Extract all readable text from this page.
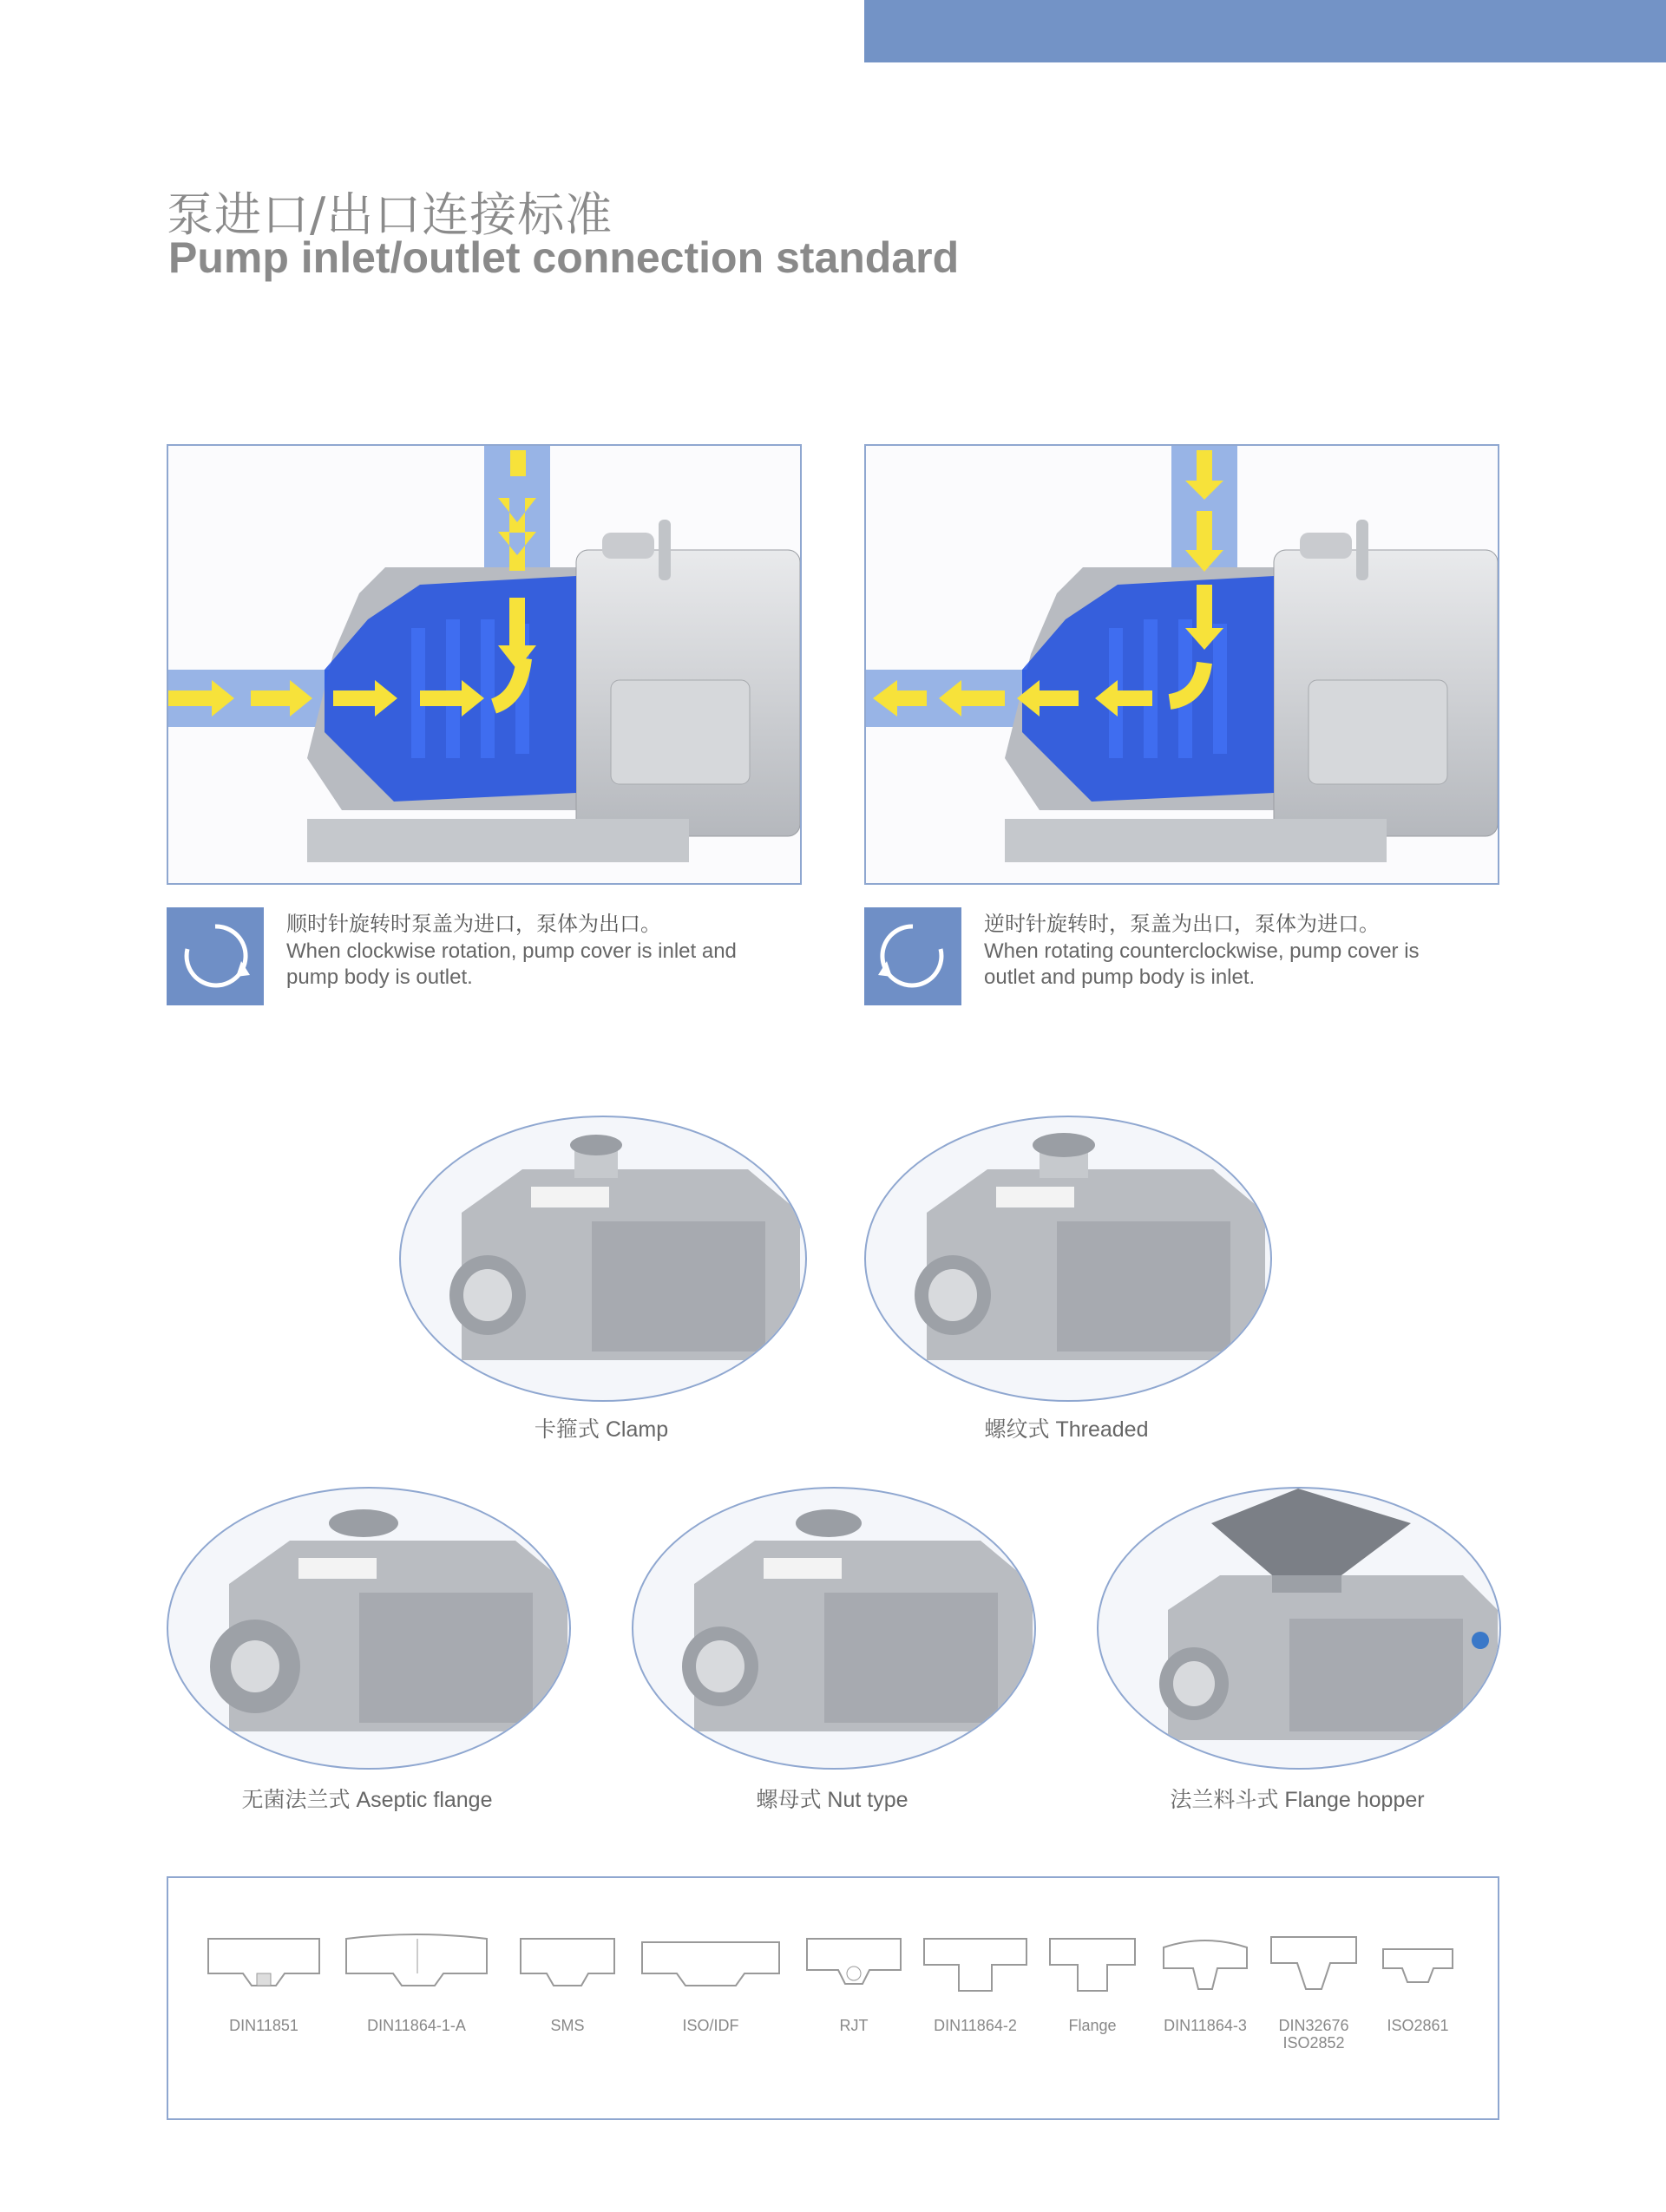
泵进口/出口连接标准
Pump inlet/outlet connection standard
顺时针旋转时泵盖为进口，泵体为出口。
When clockwise rotation, pump cover is inlet and pump body is outlet.
逆时针旋转时，泵盖为出口，泵体为进口。
When rotating counterclockwise, pump cover is outlet and pump body is inlet.
卡箍式 Clamp	螺纹式 Threaded
无菌法兰式 Aseptic flange	螺母式 Nut type	法兰料斗式 Flange hopper
DIN11851	DIN11864-1-A	SMS	ISO/IDF	RJT	DIN11864-2	Flange	DIN11864-3	DIN32676
ISO2852
ISO2861
